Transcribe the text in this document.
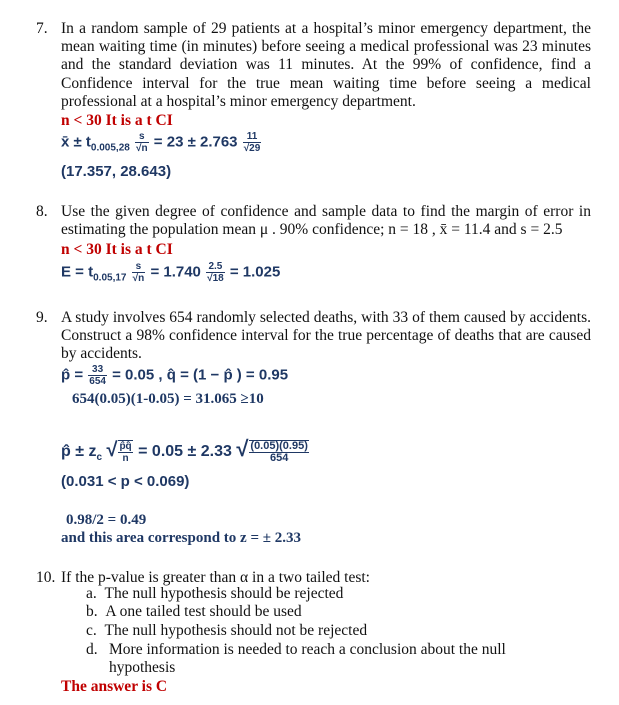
7. In a random sample of 29 patients at a hospital’s minor emergency department, the mean waiting time (in minutes) before seeing a medical professional was 23 minutes and the standard deviation was 11 minutes. At the 99% of confidence, find a Confidence interval for the true mean waiting time before seeing a medical professional at a hospital’s minor emergency department.
n < 30 It is a t CI
x̄ ± $t_{0.005,28} \frac{s}{√n} = 23 \pm 2.763 \frac{11}{√29}$
(17.357, 28.643)
8. Use the given degree of confidence and sample data to find the margin of error in estimating the population mean μ . 90% confidence; n = 18 , x̄ = 11.4 and s = 2.5
n < 30 It is a t CI
$E = t_{0.05,17} \frac{s}{√n} = 1.740 \frac{2.5}{√18} = 1.025$
9. A study involves 654 randomly selected deaths, with 33 of them caused by accidents. Construct a 98% confidence interval for the true percentage of deaths that are caused by accidents.
p̂ = $\frac{33}{654} = 0.05$ , q̂ = (1 − p̂ ) = 0.95
654(0.05)(1-0.05) = 31.065 ≥10
p̂ ± $z_c$ √ $\frac{p̂q̂}{n} = 0.05 \pm 2.33$ √ $\frac{(0.05)(0.95)}{654}$
(0.031 < p < 0.069)
0.98/2 = 0.49
and this area correspond to z = ± 2.33
10. If the p-value is greater than α in a two tailed test:
a. The null hypothesis should be rejected
b. A one tailed test should be used
c. The null hypothesis should not be rejected
d. More information is needed to reach a conclusion about the null hypothesis
The answer is C
